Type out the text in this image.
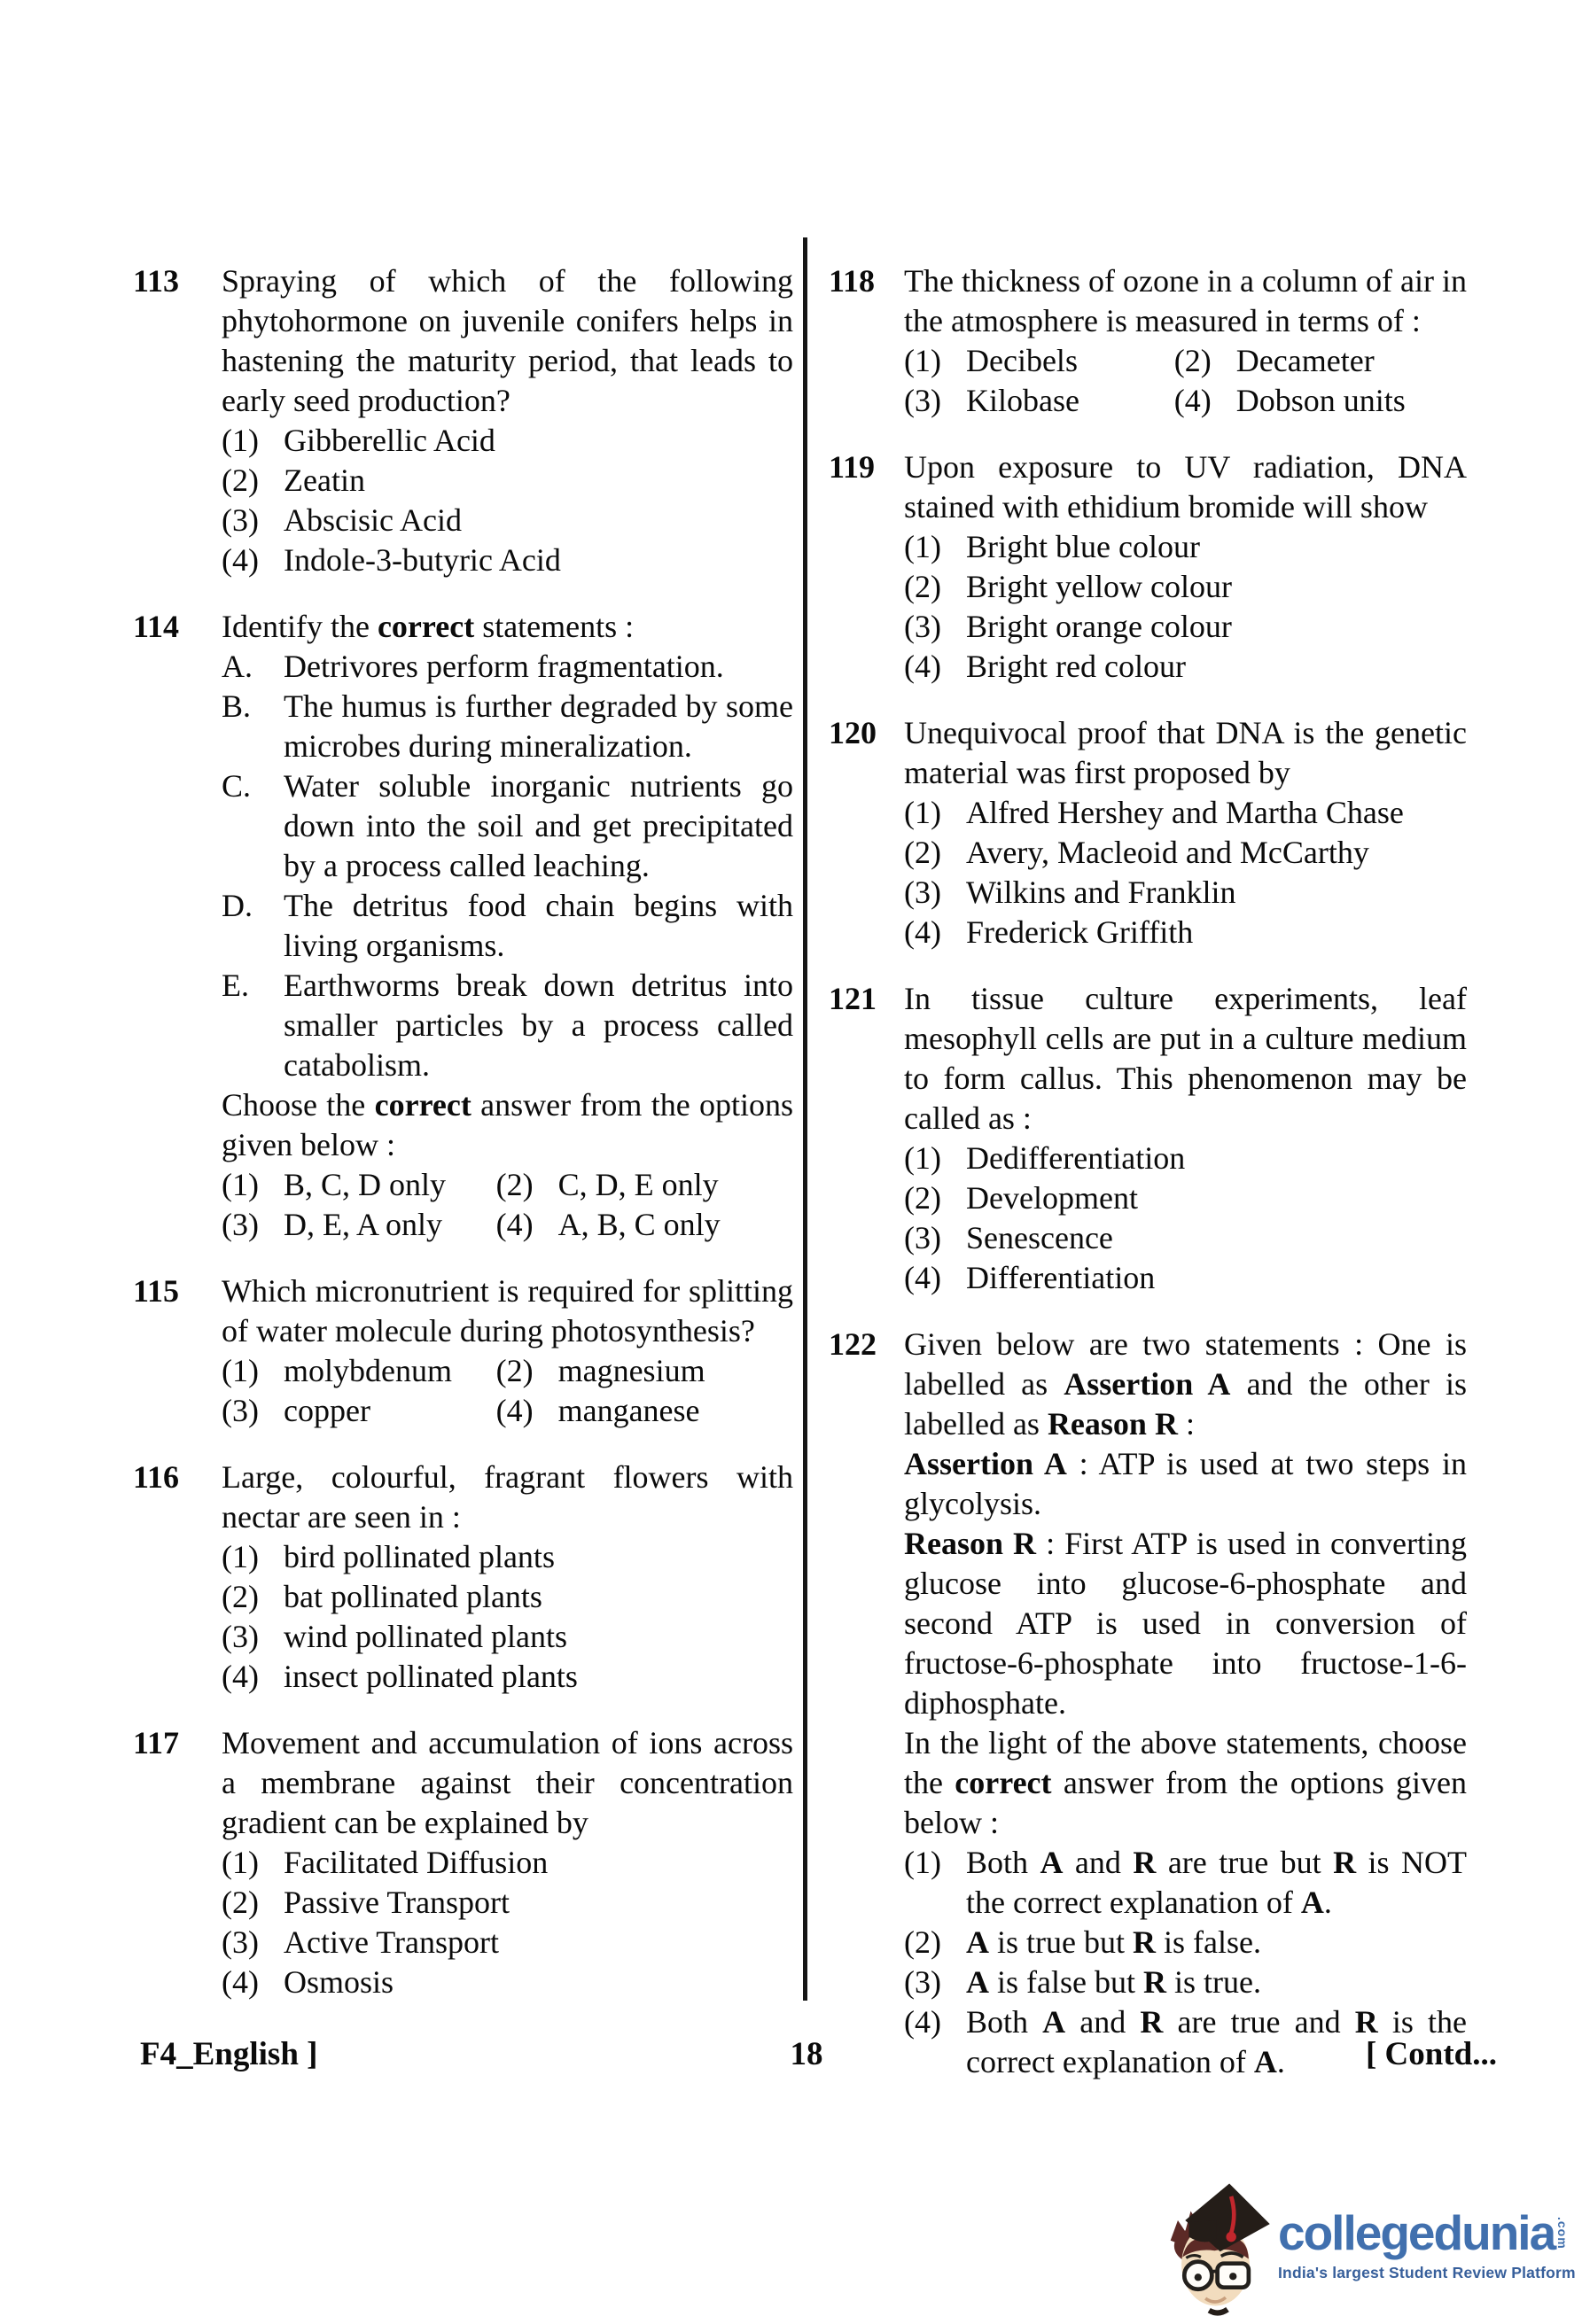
113	Spraying of which of the following phytohormone on juvenile conifers helps in hastening the maturity period, that leads to early seed production?

(1) Gibberellic Acid
(2) Zeatin
(3) Abscisic Acid
(4) Indole-3-butyric Acid
114	Identify the correct statements :

A. Detrivores perform fragmentation.
B.	The humus is further degraded by some microbes during mineralization.
C.	Water soluble inorganic nutrients go down into the soil and get precipitated by a process called leaching.
D. The detritus food chain begins with living organisms.
E.	Earthworms break down detritus into smaller particles by a process called catabolism.

Choose the correct answer from the options given below :

(1) B, C, D only	(2) C, D, E only
(3) D, E, A only	(4) A, B, C only
115	Which micronutrient is required for splitting of water molecule during photosynthesis?

(1) molybdenum	(2) magnesium
(3) copper	(4) manganese
116	Large, colourful, fragrant flowers with nectar are seen in :

(1) bird pollinated plants
(2) bat pollinated plants
(3) wind pollinated plants
(4) insect pollinated plants
117	Movement and accumulation of ions across a membrane against their concentration gradient can be explained by

(1) Facilitated Diffusion
(2) Passive Transport
(3) Active Transport
(4) Osmosis
118 The thickness of ozone in a column of air in the atmosphere is measured in terms of :

(1) Decibels	(2) Decameter
(3) Kilobase	(4) Dobson units
119 Upon exposure to UV radiation, DNA stained with ethidium bromide will show

(1) Bright blue colour
(2) Bright yellow colour
(3) Bright orange colour
(4) Bright red colour
120 Unequivocal proof that DNA is the genetic material was first proposed by

(1) Alfred Hershey and Martha Chase
(2) Avery, Macleoid and McCarthy
(3) Wilkins and Franklin
(4) Frederick Griffith
121 In tissue culture experiments, leaf mesophyll cells are put in a culture medium to form callus. This phenomenon may be called as :

(1) Dedifferentiation
(2) Development
(3) Senescence
(4) Differentiation
122 Given below are two statements : One is labelled as Assertion A and the other is labelled as Reason R :

Assertion A : ATP is used at two steps in glycolysis.

Reason R : First ATP is used in converting glucose into glucose-6-phosphate and second ATP is used in conversion of fructose-6-phosphate into fructose-1-6-diphosphate.

In the light of the above statements, choose the correct answer from the options given below :

(1) Both A and R are true but R is NOT the correct explanation of A.
(2) A is true but R is false.
(3) A is false but R is true.
(4) Both A and R are true and R is the correct explanation of A.
F4_English ]	18	[ Contd...
collegedunia .com
India's largest Student Review Platform
